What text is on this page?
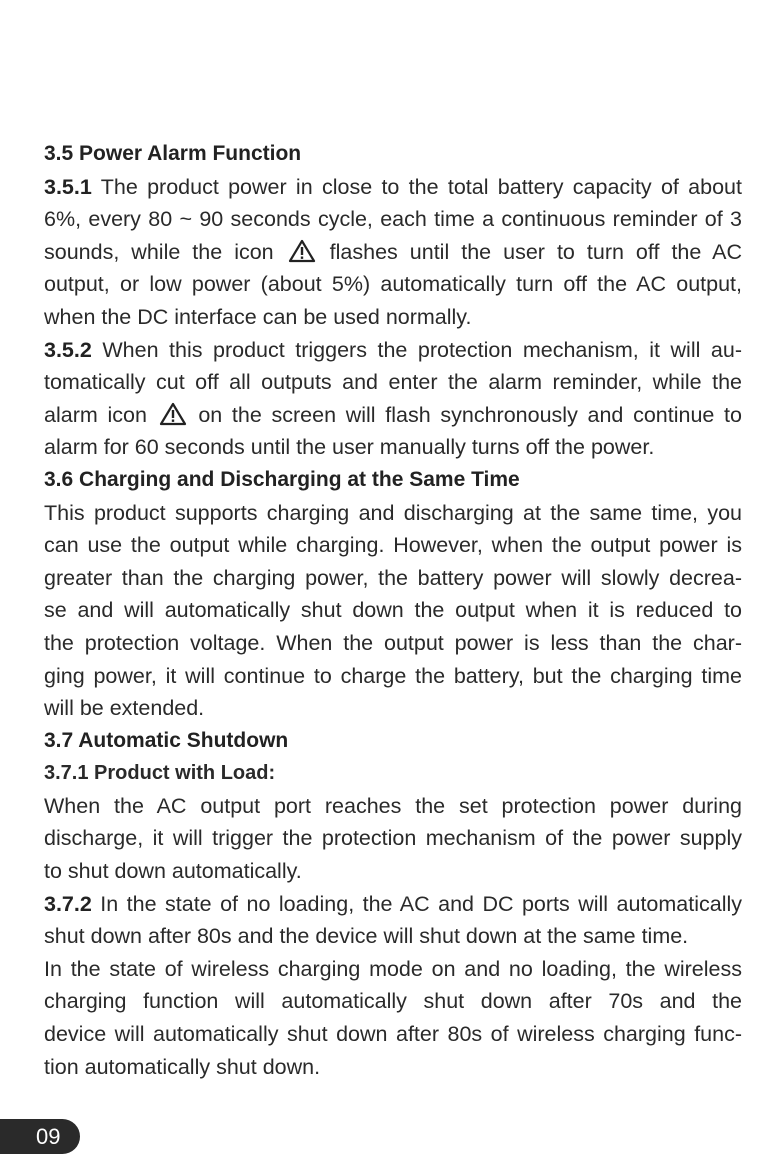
3.5 Power Alarm Function
3.5.1 The product power in close to the total battery capacity of about
6%, every 80 ~ 90 seconds cycle, each time a continuous reminder of 3
sounds, while the icon	flashes until the user to turn off the AC
output, or low power (about 5%) automatically turn off the AC output,
when the DC interface can be used normally.
3.5.2 When this product triggers the protection mechanism, it will au-
tomatically cut off all outputs and enter the alarm reminder, while the
alarm icon on the screen will flash synchronously and continue to
alarm for 60 seconds until the user manually turns off the power.
3.6 Charging and Discharging at the Same Time
This product supports charging and discharging at the same time, you
can use the output while charging. However, when the output power is
greater than the charging power, the battery power will slowly decrea-
se and will automatically shut down the output when it is reduced to
the protection voltage. When the output power is less than the char-
ging power, it will continue to charge the battery, but the charging time
will be extended.
3.7 Automatic Shutdown
3.7.1 Product with Load:
When the AC output port reaches the set protection power during
discharge, it will trigger the protection mechanism of the power supply
to shut down automatically.
3.7.2 In the state of no loading, the AC and DC ports will automatically
shut down after 80s and the device will shut down at the same time.
In the state of wireless charging mode on and no loading, the wireless
charging function will automatically shut down after 70s and the
device will automatically shut down after 80s of wireless charging func-
tion automatically shut down.
09
